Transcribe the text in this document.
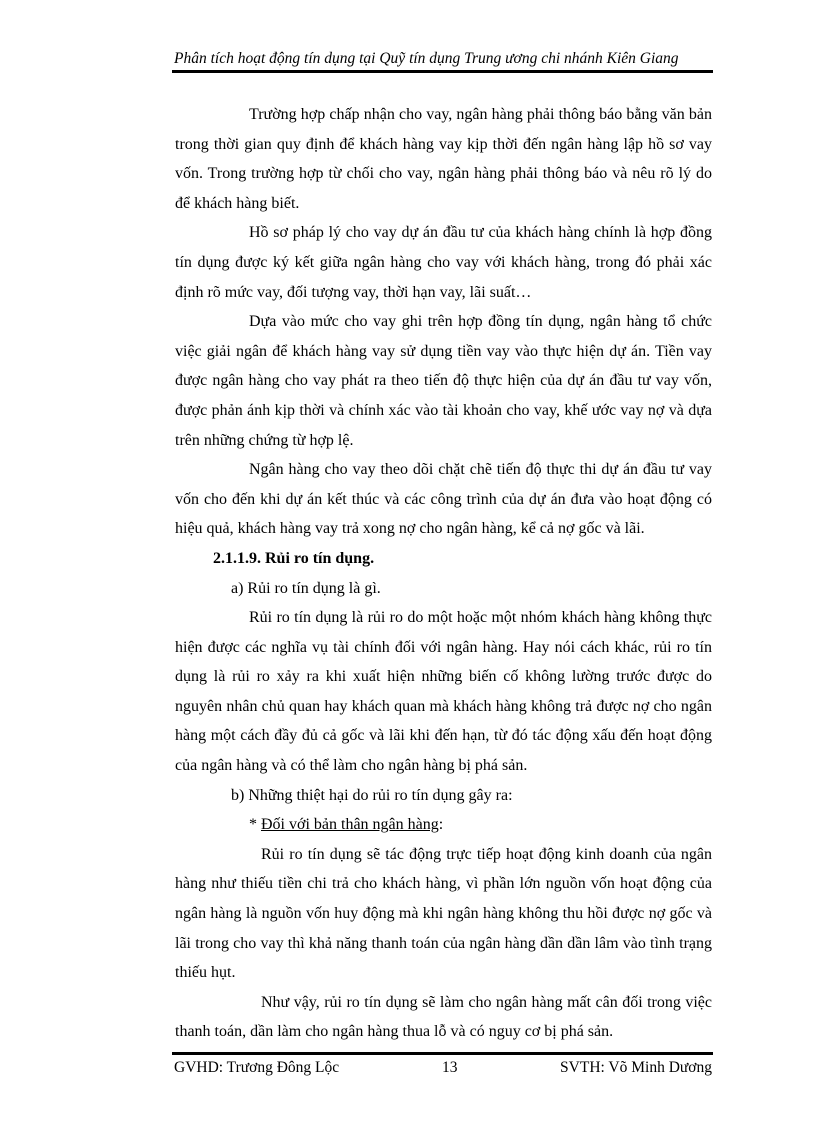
Phân tích hoạt động tín dụng tại Quỹ tín dụng Trung ương chi nhánh Kiên Giang

Trường hợp chấp nhận cho vay, ngân hàng phải thông báo bằng văn bản trong thời gian quy định để khách hàng vay kịp thời đến ngân hàng lập hồ sơ vay vốn. Trong trường hợp từ chối cho vay, ngân hàng phải thông báo và nêu rõ lý do để khách hàng biết.

Hồ sơ pháp lý cho vay dự án đầu tư của khách hàng chính là hợp đồng tín dụng được ký kết giữa ngân hàng cho vay với khách hàng, trong đó phải xác định rõ mức vay, đối tượng vay, thời hạn vay, lãi suất…

Dựa vào mức cho vay ghi trên hợp đồng tín dụng, ngân hàng tổ chức việc giải ngân để khách hàng vay sử dụng tiền vay vào thực hiện dự án. Tiền vay được ngân hàng cho vay phát ra theo tiến độ thực hiện của dự án đầu tư vay vốn, được phản ánh kịp thời và chính xác vào tài khoản cho vay, khế ước vay nợ và dựa trên những chứng từ hợp lệ.

Ngân hàng cho vay theo dõi chặt chẽ tiến độ thực thi dự án đầu tư vay vốn cho đến khi dự án kết thúc và các công trình của dự án đưa vào hoạt động có hiệu quả, khách hàng vay trả xong nợ cho ngân hàng, kể cả nợ gốc và lãi.

2.1.1.9. Rủi ro tín dụng.

a) Rủi ro tín dụng là gì.

Rủi ro tín dụng là rủi ro do một hoặc một nhóm khách hàng không thực hiện được các nghĩa vụ tài chính đối với ngân hàng. Hay nói cách khác, rủi ro tín dụng là rủi ro xảy ra khi xuất hiện những biến cố không lường trước được do nguyên nhân chủ quan hay khách quan mà khách hàng không trả được nợ cho ngân hàng một cách đầy đủ cả gốc và lãi khi đến hạn, từ đó tác động xấu đến hoạt động của ngân hàng và có thể làm cho ngân hàng bị phá sản.

b) Những thiệt hại do rủi ro tín dụng gây ra:

* Đối với bản thân ngân hàng:

Rủi ro tín dụng sẽ tác động trực tiếp hoạt động kinh doanh của ngân hàng như thiếu tiền chi trả cho khách hàng, vì phần lớn nguồn vốn hoạt động của ngân hàng là nguồn vốn huy động mà khi ngân hàng không thu hồi được nợ gốc và lãi trong cho vay thì khả năng thanh toán của ngân hàng dần dần lâm vào tình trạng thiếu hụt.

Như vậy, rủi ro tín dụng sẽ làm cho ngân hàng mất cân đối trong việc thanh toán, dần làm cho ngân hàng thua lỗ và có nguy cơ bị phá sản.

GVHD: Trương Đông Lộc	13	SVTH: Võ Minh Dương
